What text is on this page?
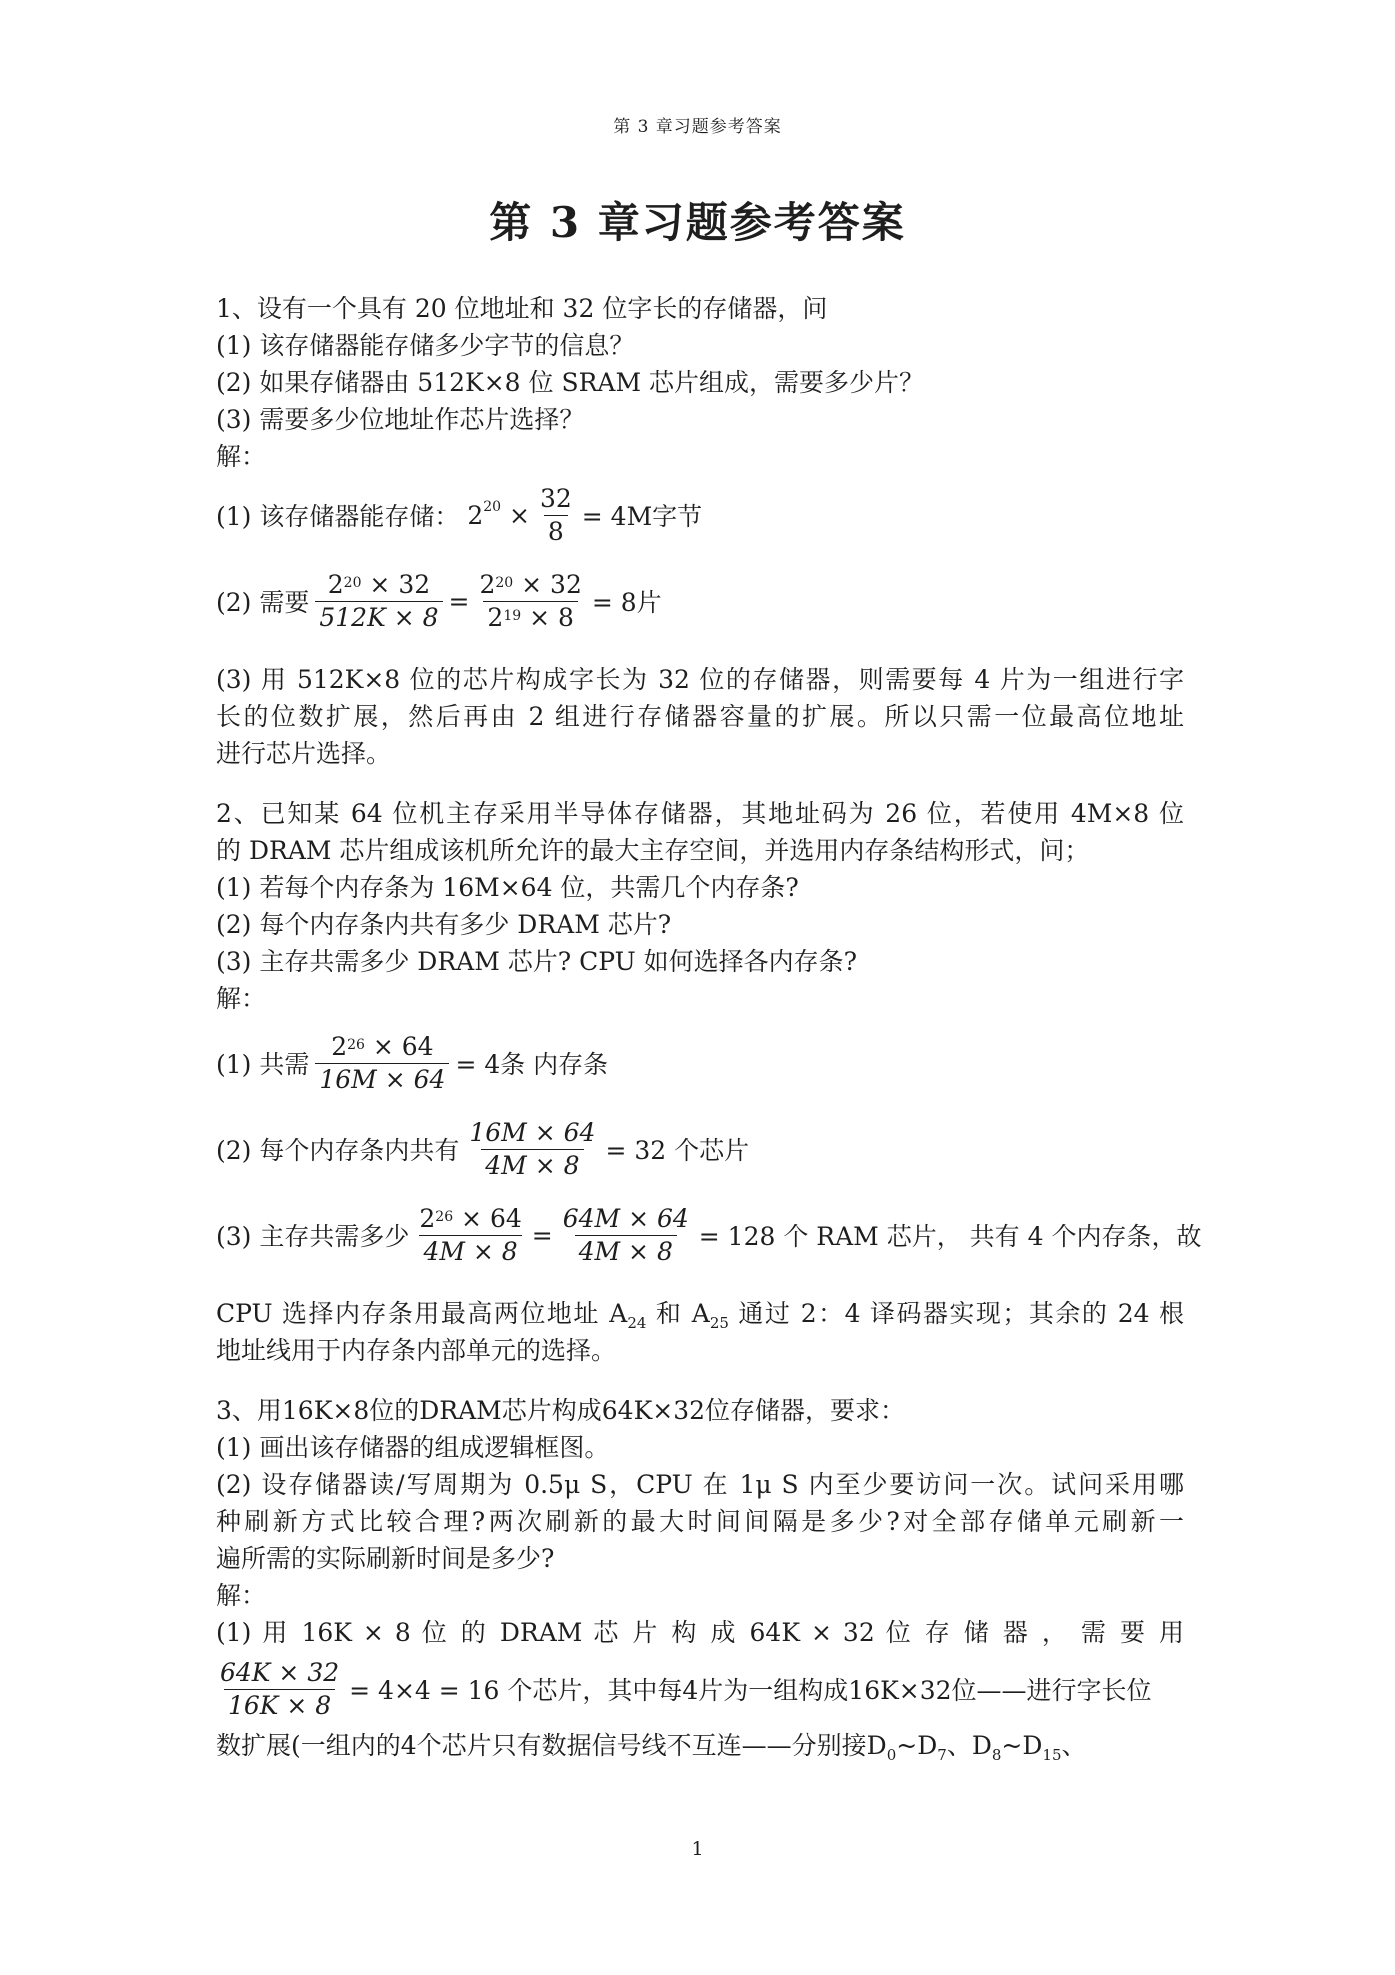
第 3 章习题参考答案
第 3 章习题参考答案
1、设有一个具有 20 位地址和 32 位字长的存储器，问
(1) 该存储器能存储多少字节的信息？
(2) 如果存储器由 512K×8 位 SRAM 芯片组成，需要多少片？
(3) 需要多少位地址作芯片选择？
解：
(1) 该存储器能存储： $2^{20} \times \frac{32}{8} = 4M$字节
(2) 需要 $\frac{2^{20} \times 32}{512K \times 8} = \frac{2^{20} \times 32}{2^{19} \times 8} = 8$片
(3) 用 512K×8 位的芯片构成字长为 32 位的存储器，则需要每 4 片为一组进行字
长的位数扩展，然后再由 2 组进行存储器容量的扩展。所以只需一位最高位地址
进行芯片选择。
2、已知某 64 位机主存采用半导体存储器，其地址码为 26 位，若使用 4M×8 位
的 DRAM 芯片组成该机所允许的最大主存空间，并选用内存条结构形式，问；
(1) 若每个内存条为 16M×64 位，共需几个内存条?
(2) 每个内存条内共有多少 DRAM 芯片?
(3) 主存共需多少 DRAM 芯片? CPU 如何选择各内存条?
解：
(1) 共需 $\frac{2^{26} \times 64}{16M \times 64} = 4$条 内存条
(2) 每个内存条内共有 $\frac{16M \times 64}{4M \times 8} = 32$ 个芯片
(3) 主存共需多少 $\frac{2^{26} \times 64}{4M \times 8} = \frac{64M \times 64}{4M \times 8} = 128$ 个 RAM 芯片， 共有 4 个内存条，故
CPU 选择内存条用最高两位地址 $A_{24}$ 和 $A_{25}$ 通过 2：4 译码器实现；其余的 24 根
地址线用于内存条内部单元的选择。
3、用16K×8位的DRAM芯片构成64K×32位存储器，要求：
(1) 画出该存储器的组成逻辑框图。
(2) 设存储器读/写周期为 0.5μ S，CPU 在 1μ S 内至少要访问一次。试问采用哪
种刷新方式比较合理?两次刷新的最大时间间隔是多少?对全部存储单元刷新一
遍所需的实际刷新时间是多少?
解：
(1) 用 16K × 8 位 的 DRAM 芯 片 构 成 64K × 32 位 存 储 器 ， 需 要 用
$\frac{64K \times 32}{16K \times 8} = 4\times 4 = 16$ 个芯片，其中每4片为一组构成16K×32位——进行字长位
数扩展(一组内的4个芯片只有数据信号线不互连——分别接$D_0\sim D_7$、$D_8\sim D_{15}$、
1
